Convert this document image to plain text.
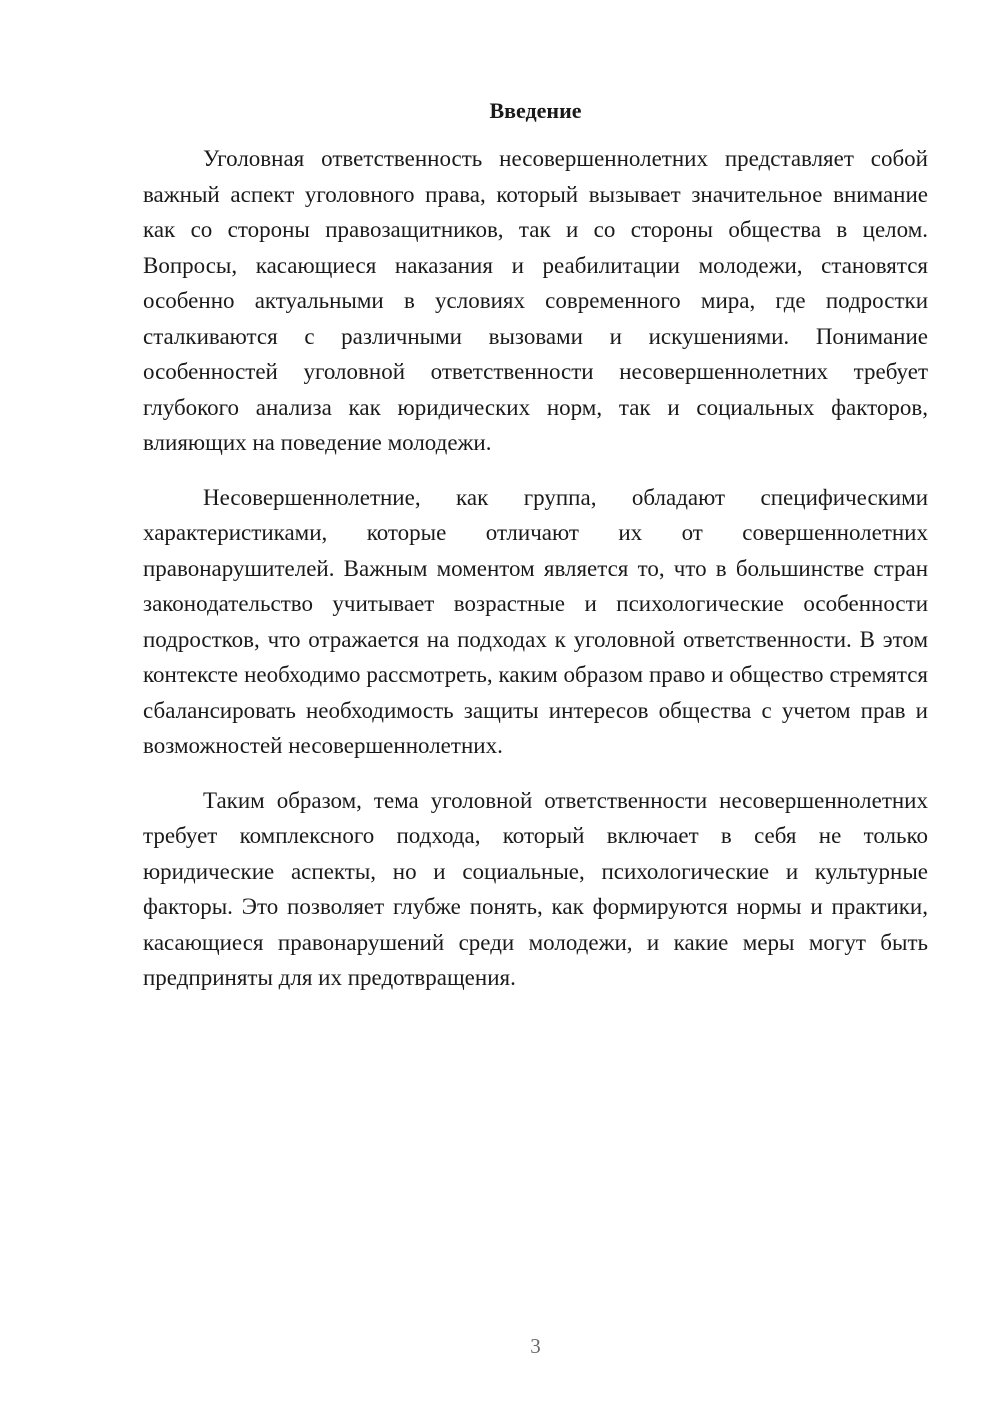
Введение

Уголовная ответственность несовершеннолетних представляет собой важный аспект уголовного права, который вызывает значительное внимание как со стороны правозащитников, так и со стороны общества в целом. Вопросы, касающиеся наказания и реабилитации молодежи, становятся особенно актуальными в условиях современного мира, где подростки сталкиваются с различными вызовами и искушениями. Понимание особенностей уголовной ответственности несовершеннолетних требует глубокого анализа как юридических норм, так и социальных факторов, влияющих на поведение молодежи.

Несовершеннолетние, как группа, обладают специфическими характеристиками, которые отличают их от совершеннолетних правонарушителей. Важным моментом является то, что в большинстве стран законодательство учитывает возрастные и психологические особенности подростков, что отражается на подходах к уголовной ответственности. В этом контексте необходимо рассмотреть, каким образом право и общество стремятся сбалансировать необходимость защиты интересов общества с учетом прав и возможностей несовершеннолетних.

Таким образом, тема уголовной ответственности несовершеннолетних требует комплексного подхода, который включает в себя не только юридические аспекты, но и социальные, психологические и культурные факторы. Это позволяет глубже понять, как формируются нормы и практики, касающиеся правонарушений среди молодежи, и какие меры могут быть предприняты для их предотвращения.

3
